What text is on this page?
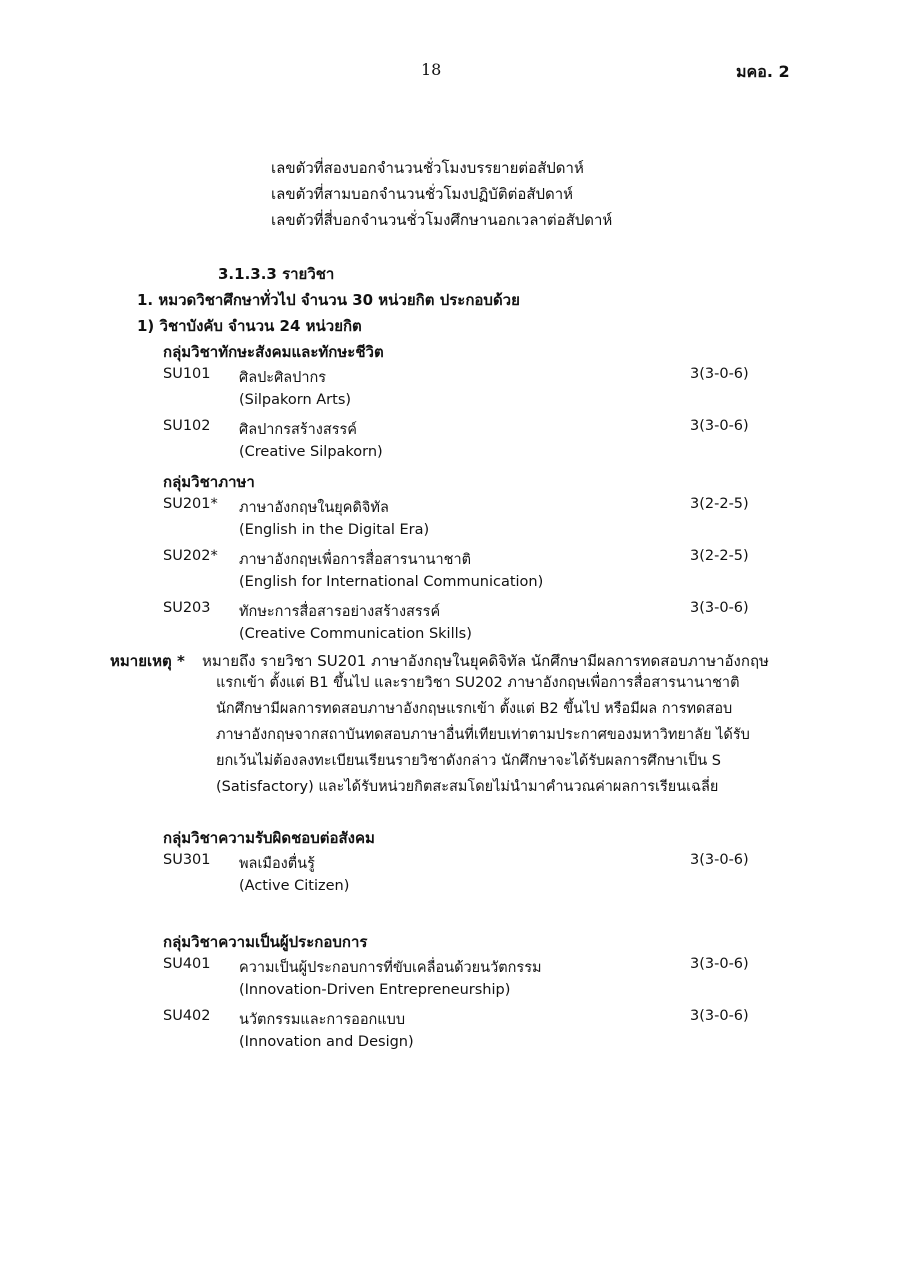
18	มคอ. 2
เลขตัวที่สองบอกจำนวนชั่วโมงบรรยายต่อสัปดาห์
เลขตัวที่สามบอกจำนวนชั่วโมงปฏิบัติต่อสัปดาห์
เลขตัวที่สี่บอกจำนวนชั่วโมงศึกษานอกเวลาต่อสัปดาห์
3.1.3.3 รายวิชา
1. หมวดวิชาศึกษาทั่วไป จำนวน 30 หน่วยกิต ประกอบด้วย
1) วิชาบังคับ จำนวน 24 หน่วยกิต
กลุ่มวิชาทักษะสังคมและทักษะชีวิต
SU101 ศิลปะศิลปากร	3(3-0-6)
(Silpakorn Arts)
SU102 ศิลปากรสร้างสรรค์	3(3-0-6)
(Creative Silpakorn)
กลุ่มวิชาภาษา
SU201* ภาษาอังกฤษในยุคดิจิทัล	3(2-2-5)
(English in the Digital Era)
SU202* ภาษาอังกฤษเพื่อการสื่อสารนานาชาติ	3(2-2-5)
(English for International Communication)
SU203 ทักษะการสื่อสารอย่างสร้างสรรค์	3(3-0-6)
(Creative Communication Skills)
หมายเหตุ * หมายถึง รายวิชา SU201 ภาษาอังกฤษในยุคดิจิทัล นักศึกษามีผลการทดสอบภาษาอังกฤษ
แรกเข้า ตั้งแต่ B1 ขึ้นไป และรายวิชา SU202 ภาษาอังกฤษเพื่อการสื่อสารนานาชาติ
นักศึกษามีผลการทดสอบภาษาอังกฤษแรกเข้า ตั้งแต่ B2 ขึ้นไป หรือมีผล การทดสอบ
ภาษาอังกฤษจากสถาบันทดสอบภาษาอื่นที่เทียบเท่าตามประกาศของมหาวิทยาลัย ได้รับ
ยกเว้นไม่ต้องลงทะเบียนเรียนรายวิชาดังกล่าว นักศึกษาจะได้รับผลการศึกษาเป็น S
(Satisfactory) และได้รับหน่วยกิตสะสมโดยไม่นำมาคำนวณค่าผลการเรียนเฉลี่ย
กลุ่มวิชาความรับผิดชอบต่อสังคม
SU301 พลเมืองตื่นรู้	3(3-0-6)
(Active Citizen)
กลุ่มวิชาความเป็นผู้ประกอบการ
SU401 ความเป็นผู้ประกอบการที่ขับเคลื่อนด้วยนวัตกรรม	3(3-0-6)
(Innovation-Driven Entrepreneurship)
SU402 นวัตกรรมและการออกแบบ	3(3-0-6)
(Innovation and Design)
